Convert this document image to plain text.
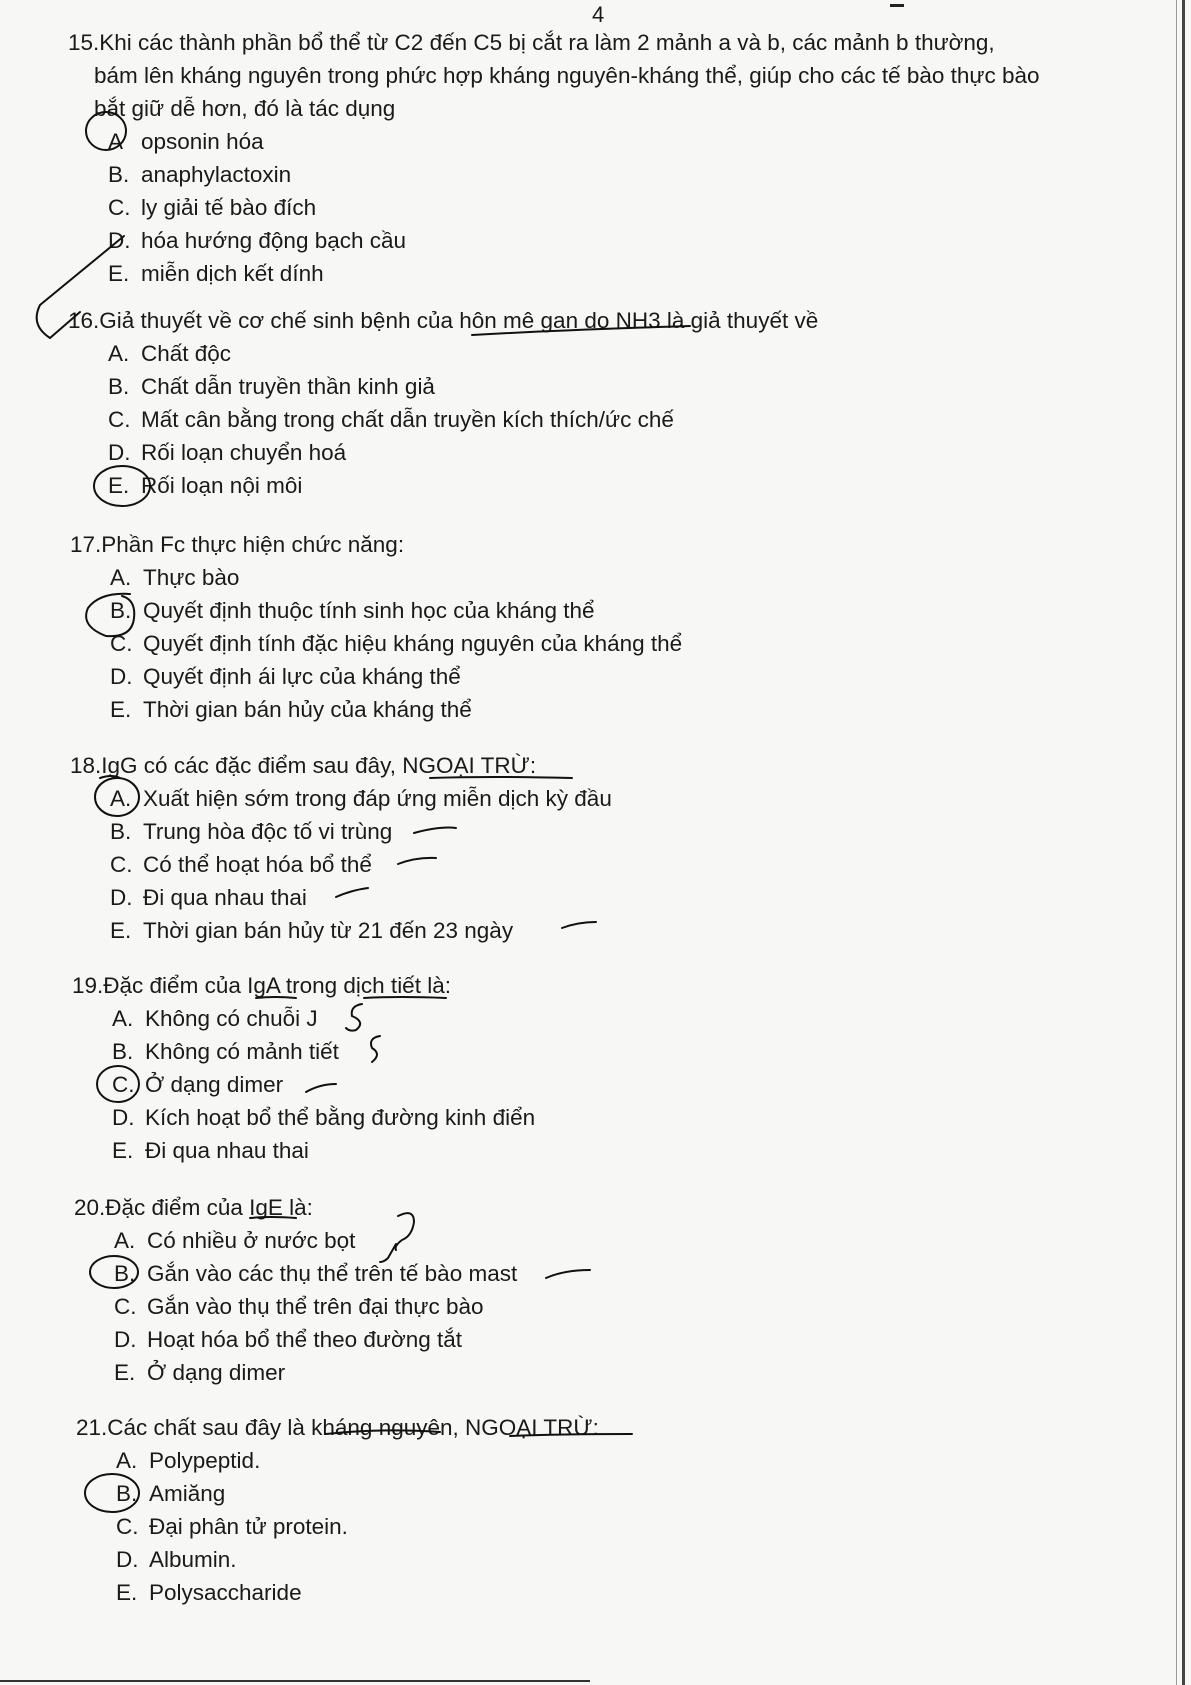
4
15.Khi các thành phần bổ thể từ C2 đến C5 bị cắt ra làm 2 mảnh a và b, các mảnh b thường,
bám lên kháng nguyên trong phức hợp kháng nguyên-kháng thể, giúp cho các tế bào thực bào
bắt giữ dễ hơn, đó là tác dụng
A opsonin hóa
B. anaphylactoxin
C. ly giải tế bào đích
D. hóa hướng động bạch cầu
E. miễn dịch kết dính
16.Giả thuyết về cơ chế sinh bệnh của hôn mê gan do NH3 là giả thuyết về
A. Chất độc
B. Chất dẫn truyền thần kinh giả
C. Mất cân bằng trong chất dẫn truyền kích thích/ức chế
D. Rối loạn chuyển hoá
E. Rối loạn nội môi
17.Phần Fc thực hiện chức năng:
A. Thực bào
B. Quyết định thuộc tính sinh học của kháng thể
C. Quyết định tính đặc hiệu kháng nguyên của kháng thể
D. Quyết định ái lực của kháng thể
E. Thời gian bán hủy của kháng thể
18.IgG có các đặc điểm sau đây, NGOẠI TRỪ:
A. Xuất hiện sớm trong đáp ứng miễn dịch kỳ đầu
B. Trung hòa độc tố vi trùng
C. Có thể hoạt hóa bổ thể
D. Đi qua nhau thai
E. Thời gian bán hủy từ 21 đến 23 ngày
19.Đặc điểm của IgA trong dịch tiết là:
A. Không có chuỗi J
B. Không có mảnh tiết
C. Ở dạng dimer
D. Kích hoạt bổ thể bằng đường kinh điển
E. Đi qua nhau thai
20.Đặc điểm của IgE là:
A. Có nhiều ở nước bọt
B. Gắn vào các thụ thể trên tế bào mast
C. Gắn vào thụ thể trên đại thực bào
D. Hoạt hóa bổ thể theo đường tắt
E. Ở dạng dimer
21.Các chất sau đây là kháng nguyên, NGOẠI TRỪ:
A. Polypeptid.
B. Amiăng
C. Đại phân tử protein.
D. Albumin.
E. Polysaccharide
